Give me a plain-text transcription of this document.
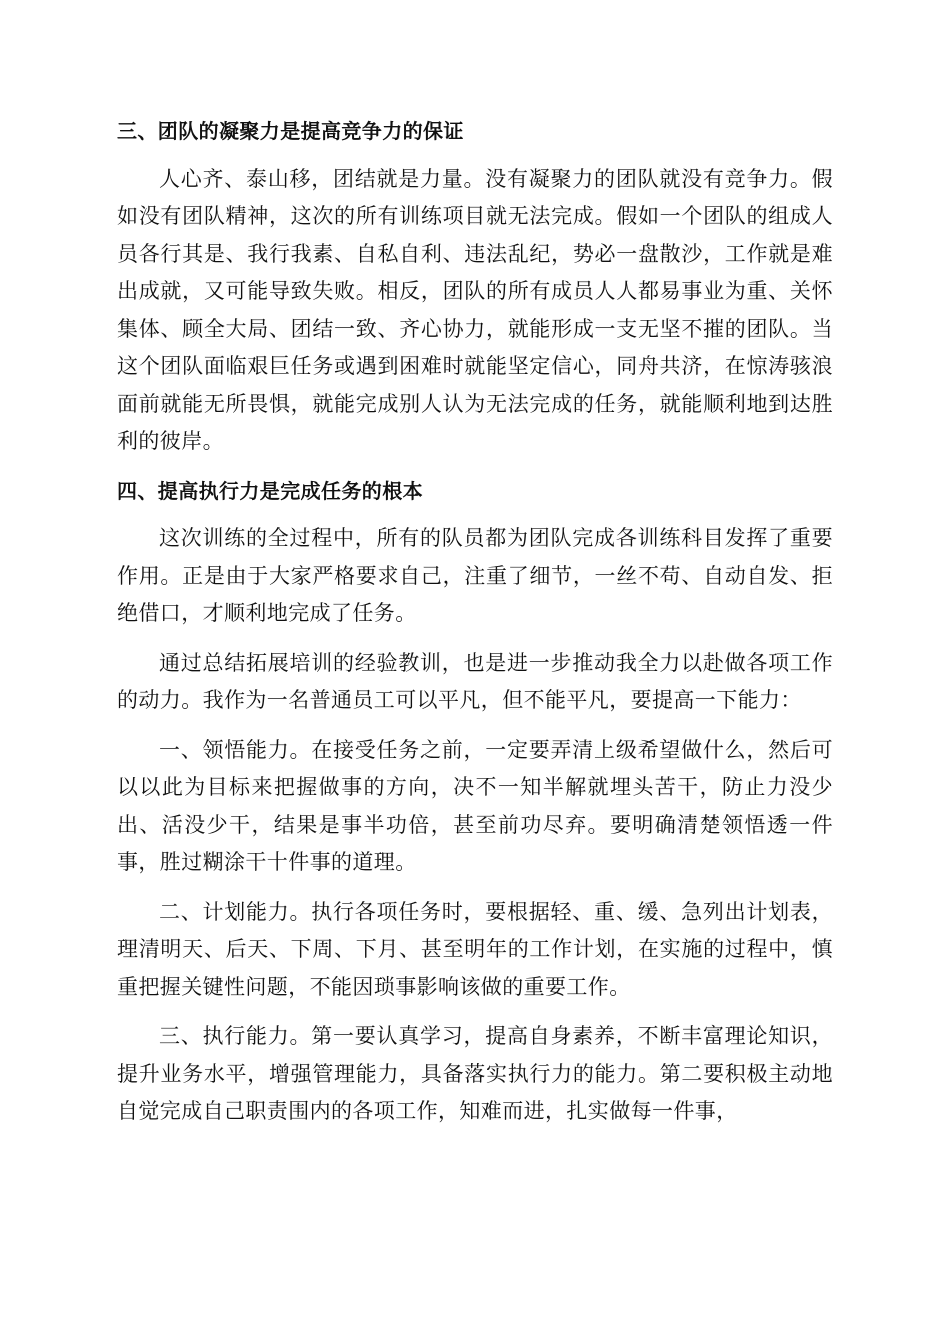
三、团队的凝聚力是提高竞争力的保证

人心齐、泰山移，团结就是力量。没有凝聚力的团队就没有竞争力。假如没有团队精神，这次的所有训练项目就无法完成。假如一个团队的组成人员各行其是、我行我素、自私自利、违法乱纪，势必一盘散沙，工作就是难出成就，又可能导致失败。相反，团队的所有成员人人都易事业为重、关怀集体、顾全大局、团结一致、齐心协力，就能形成一支无坚不摧的团队。当这个团队面临艰巨任务或遇到困难时就能坚定信心，同舟共济，在惊涛骇浪面前就能无所畏惧，就能完成别人认为无法完成的任务，就能顺利地到达胜利的彼岸。

四、提高执行力是完成任务的根本

这次训练的全过程中，所有的队员都为团队完成各训练科目发挥了重要作用。正是由于大家严格要求自己，注重了细节，一丝不苟、自动自发、拒绝借口，才顺利地完成了任务。

通过总结拓展培训的经验教训，也是进一步推动我全力以赴做各项工作的动力。我作为一名普通员工可以平凡，但不能平凡，要提高一下能力：

一、领悟能力。在接受任务之前，一定要弄清上级希望做什么，然后可以以此为目标来把握做事的方向，决不一知半解就埋头苦干，防止力没少出、活没少干，结果是事半功倍，甚至前功尽弃。要明确清楚领悟透一件事，胜过糊涂干十件事的道理。

二、计划能力。执行各项任务时，要根据轻、重、缓、急列出计划表，理清明天、后天、下周、下月、甚至明年的工作计划，在实施的过程中，慎重把握关键性问题，不能因琐事影响该做的重要工作。

三、执行能力。第一要认真学习，提高自身素养，不断丰富理论知识，提升业务水平，增强管理能力，具备落实执行力的能力。第二要积极主动地自觉完成自己职责围内的各项工作，知难而进，扎实做每一件事，
